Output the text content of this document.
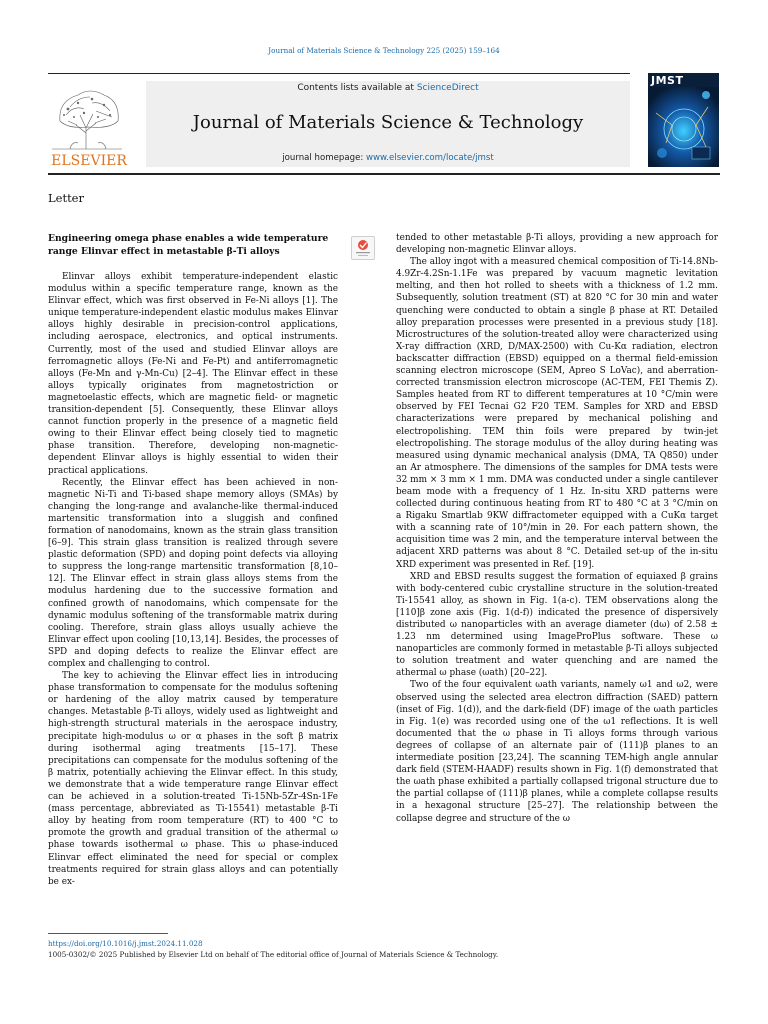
Journal of Materials Science & Technology 225 (2025) 159–164
ELSEVIER
Contents lists available at ScienceDirect
Journal of Materials Science & Technology
journal homepage: www.elsevier.com/locate/jmst
JMST
Letter
Engineering omega phase enables a wide temperature range Elinvar effect in metastable β-Ti alloys

Elinvar alloys exhibit temperature-independent elastic modulus within a specific temperature range, known as the Elinvar effect, which was first observed in Fe-Ni alloys [1]. The unique temperature-independent elastic modulus makes Elinvar alloys highly desirable in precision-control applications, including aerospace, electronics, and optical instruments. Currently, most of the used and studied Elinvar alloys are ferromagnetic alloys (Fe-Ni and Fe-Pt) and antiferromagnetic alloys (Fe-Mn and γ-Mn-Cu) [2–4]. The Elinvar effect in these alloys typically originates from magnetostriction or magnetoelastic effects, which are magnetic field- or magnetic transition-dependent [5]. Consequently, these Elinvar alloys cannot function properly in the presence of a magnetic field owing to their Elinvar effect being closely tied to magnetic phase transition. Therefore, developing non-magnetic-dependent Elinvar alloys is highly essential to widen their practical applications.

Recently, the Elinvar effect has been achieved in non-magnetic Ni-Ti and Ti-based shape memory alloys (SMAs) by changing the long-range and avalanche-like thermal-induced martensitic transformation into a sluggish and confined formation of nanodomains, known as the strain glass transition [6–9]. This strain glass transition is realized through severe plastic deformation (SPD) and doping point defects via alloying to suppress the long-range martensitic transformation [8,10–12]. The Elinvar effect in strain glass alloys stems from the modulus hardening due to the successive formation and confined growth of nanodomains, which compensate for the dynamic modulus softening of the transformable matrix during cooling. Therefore, strain glass alloys usually achieve the Elinvar effect upon cooling [10,13,14]. Besides, the processes of SPD and doping defects to realize the Elinvar effect are complex and challenging to control.

The key to achieving the Elinvar effect lies in introducing phase transformation to compensate for the modulus softening or hardening of the alloy matrix caused by temperature changes. Metastable β-Ti alloys, widely used as lightweight and high-strength structural materials in the aerospace industry, precipitate high-modulus ω or α phases in the soft β matrix during isothermal aging treatments [15–17]. These precipitations can compensate for the modulus softening of the β matrix, potentially achieving the Elinvar effect. In this study, we demonstrate that a wide temperature range Elinvar effect can be achieved in a solution-treated Ti-15Nb-5Zr-4Sn-1Fe (mass percentage, abbreviated as Ti-15541) metastable β-Ti alloy by heating from room temperature (RT) to 400 °C to promote the growth and gradual transition of the athermal ω phase towards isothermal ω phase. This ω phase-induced Elinvar effect eliminated the need for special or complex treatments required for strain glass alloys and can potentially be ex-

tended to other metastable β-Ti alloys, providing a new approach for developing non-magnetic Elinvar alloys.

The alloy ingot with a measured chemical composition of Ti-14.8Nb-4.9Zr-4.2Sn-1.1Fe was prepared by vacuum magnetic levitation melting, and then hot rolled to sheets with a thickness of 1.2 mm. Subsequently, solution treatment (ST) at 820 °C for 30 min and water quenching were conducted to obtain a single β phase at RT. Detailed alloy preparation processes were presented in a previous study [18]. Microstructures of the solution-treated alloy were characterized using X-ray diffraction (XRD, D/MAX-2500) with Cu-Kα radiation, electron backscatter diffraction (EBSD) equipped on a thermal field-emission scanning electron microscope (SEM, Apreo S LoVac), and aberration-corrected transmission electron microscope (AC-TEM, FEI Themis Z). Samples heated from RT to different temperatures at 10 °C/min were observed by FEI Tecnai G2 F20 TEM. Samples for XRD and EBSD characterizations were prepared by mechanical polishing and electropolishing. TEM thin foils were prepared by twin-jet electropolishing. The storage modulus of the alloy during heating was measured using dynamic mechanical analysis (DMA, TA Q850) under an Ar atmosphere. The dimensions of the samples for DMA tests were 32 mm × 3 mm × 1 mm. DMA was conducted under a single cantilever beam mode with a frequency of 1 Hz. In-situ XRD patterns were collected during continuous heating from RT to 480 °C at 3 °C/min on a Rigaku Smartlab 9KW diffractometer equipped with a CuKα target with a scanning rate of 10°/min in 2θ. For each pattern shown, the acquisition time was 2 min, and the temperature interval between the adjacent XRD patterns was about 8 °C. Detailed set-up of the in-situ XRD experiment was presented in Ref. [19].

XRD and EBSD results suggest the formation of equiaxed β grains with body-centered cubic crystalline structure in the solution-treated Ti-15541 alloy, as shown in Fig. 1(a-c). TEM observations along the [110]β zone axis (Fig. 1(d-f)) indicated the presence of dispersively distributed ω nanoparticles with an average diameter (dω) of 2.58 ± 1.23 nm determined using ImageProPlus software. These ω nanoparticles are commonly formed in metastable β-Ti alloys subjected to solution treatment and water quenching and are named the athermal ω phase (ωath) [20–22].

Two of the four equivalent ωath variants, namely ω1 and ω2, were observed using the selected area electron diffraction (SAED) pattern (inset of Fig. 1(d)), and the dark-field (DF) image of the ωath particles in Fig. 1(e) was recorded using one of the ω1 reflections. It is well documented that the ω phase in Ti alloys forms through various degrees of collapse of an alternate pair of (111)β planes to an intermediate position [23,24]. The scanning TEM-high angle annular dark field (STEM-HAADF) results shown in Fig. 1(f) demonstrated that the ωath phase exhibited a partially collapsed trigonal structure due to the partial collapse of (111)β planes, while a complete collapse results in a hexagonal structure [25–27]. The relationship between the collapse degree and structure of the ω

https://doi.org/10.1016/j.jmst.2024.11.028
1005-0302/© 2025 Published by Elsevier Ltd on behalf of The editorial office of Journal of Materials Science & Technology.
